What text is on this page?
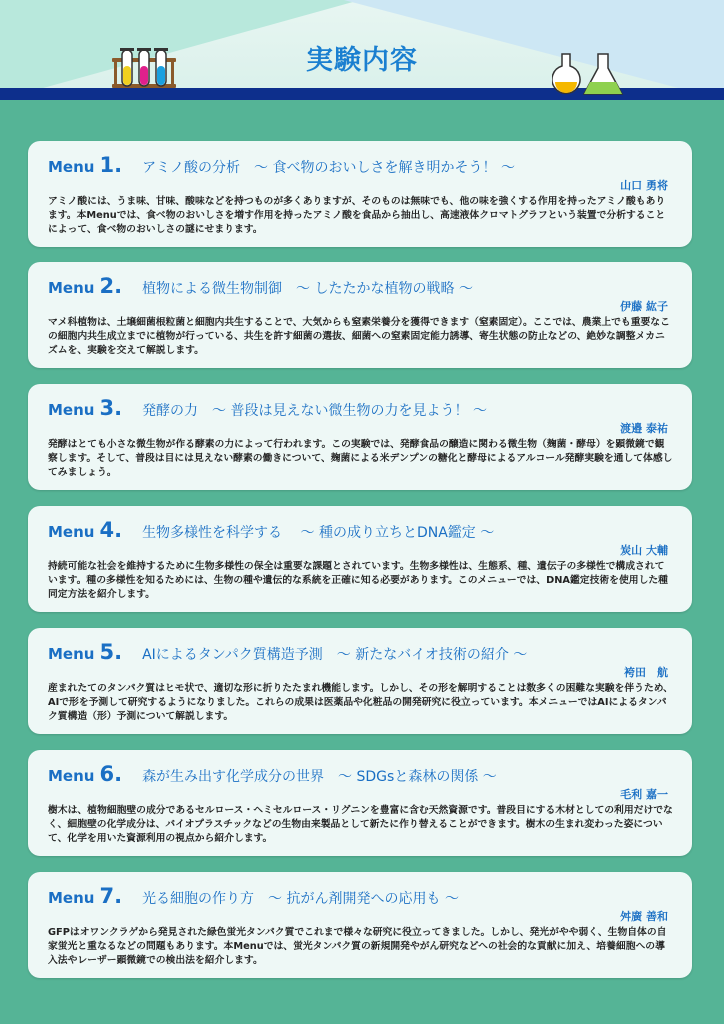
実験内容
Menu 1. アミノ酸の分析　～ 食べ物のおいしさを解き明かそう！ ～
山口 勇将
アミノ酸には、うま味、甘味、酸味などを持つものが多くありますが、そのものは無味でも、他の味を強くする作用を持ったアミノ酸もあります。本Menuでは、食べ物のおいしさを増す作用を持ったアミノ酸を食品から抽出し、高速液体クロマトグラフという装置で分析することによって、食べ物のおいしさの謎にせまります。
Menu 2. 植物による微生物制御　～ したたかな植物の戦略 ～
伊藤 紘子
マメ科植物は、土壌細菌根粒菌と細胞内共生することで、大気からも窒素栄養分を獲得できます（窒素固定）。ここでは、農業上でも重要なこの細胞内共生成立までに植物が行っている、共生を許す細菌の選抜、細菌への窒素固定能力誘導、寄生状態の防止などの、絶妙な調整メカニズムを、実験を交えて解説します。
Menu 3. 発酵の力　～ 普段は見えない微生物の力を見よう！ ～
渡邉 泰祐
発酵はとても小さな微生物が作る酵素の力によって行われます。この実験では、発酵食品の醸造に関わる微生物（麹菌・酵母）を顕微鏡で観察します。そして、普段は目には見えない酵素の働きについて、麹菌による米デンプンの糖化と酵母によるアルコール発酵実験を通して体感してみましょう。
Menu 4. 生物多様性を科学する　 ～ 種の成り立ちとDNA鑑定 ～
炭山 大輔
持続可能な社会を維持するために生物多様性の保全は重要な課題とされています。生物多様性は、生態系、種、遺伝子の多様性で構成されています。種の多様性を知るためには、生物の種や遺伝的な系統を正確に知る必要があります。このメニューでは、DNA鑑定技術を使用した種同定方法を紹介します。
Menu 5. AIによるタンパク質構造予測　～ 新たなバイオ技術の紹介 ～
袴田　航
産まれたてのタンパク質はヒモ状で、適切な形に折りたたまれ機能します。しかし、その形を解明することは数多くの困難な実験を伴うため、AIで形を予測して研究するようになりました。これらの成果は医薬品や化粧品の開発研究に役立っています。本メニューではAIによるタンパク質構造（形）予測について解説します。
Menu 6. 森が生み出す化学成分の世界　～ SDGsと森林の関係 ～
毛利 嘉一
樹木は、植物細胞壁の成分であるセルロース・ヘミセルロース・リグニンを豊富に含む天然資源です。普段目にする木材としての利用だけでなく、細胞壁の化学成分は、バイオプラスチックなどの生物由来製品として新たに作り替えることができます。樹木の生まれ変わった姿について、化学を用いた資源利用の視点から紹介します。
Menu 7. 光る細胞の作り方　～ 抗がん剤開発への応用も ～
舛廣 善和
GFPはオワンクラゲから発見された緑色蛍光タンパク質でこれまで様々な研究に役立ってきました。しかし、発光がやや弱く、生物自体の自家蛍光と重なるなどの問題もあります。本Menuでは、蛍光タンパク質の新規開発やがん研究などへの社会的な貢献に加え、培養細胞への導入法やレーザー顕微鏡での検出法を紹介します。
